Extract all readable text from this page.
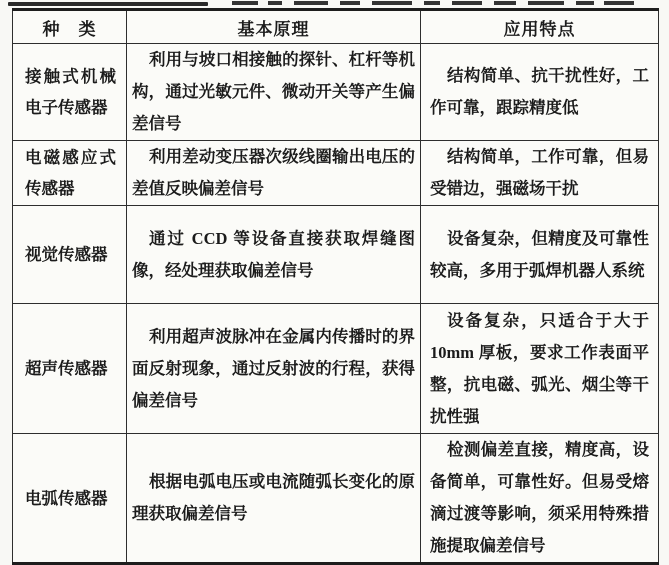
种　类	基本原理	应用特点

接触式机械电子传感器	利用与坡口相接触的探针、杠杆等机构，通过光敏元件、微动开关等产生偏差信号	结构简单、抗干扰性好，工作可靠，跟踪精度低

电磁感应式传感器	利用差动变压器次级线圈输出电压的差值反映偏差信号	结构简单，工作可靠，但易受错边，强磁场干扰

视觉传感器	通过 CCD 等设备直接获取焊缝图像，经处理获取偏差信号	设备复杂，但精度及可靠性较高，多用于弧焊机器人系统

超声传感器	利用超声波脉冲在金属内传播时的界面反射现象，通过反射波的行程，获得偏差信号	设备复杂，只适合于大于10mm 厚板，要求工作表面平整，抗电磁、弧光、烟尘等干扰性强

电弧传感器	根据电弧电压或电流随弧长变化的原理获取偏差信号	检测偏差直接，精度高，设备简单，可靠性好。但易受熔滴过渡等影响，须采用特殊措施提取偏差信号
